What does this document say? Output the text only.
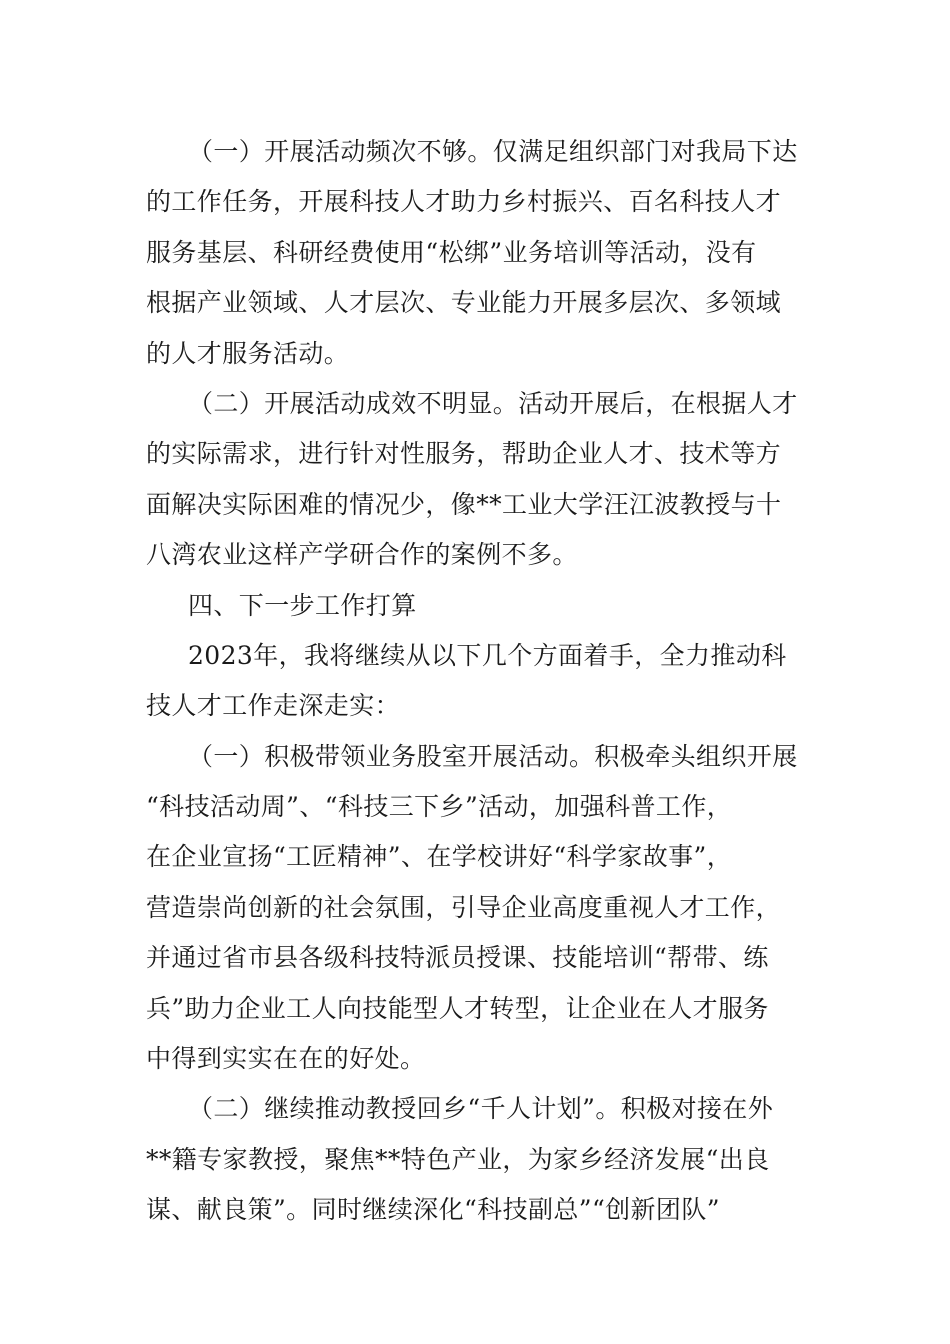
（一）开展活动频次不够。仅满足组织部门对我局下达
的工作任务，开展科技人才助力乡村振兴、百名科技人才
服务基层、科研经费使用“松绑”业务培训等活动，没有
根据产业领域、人才层次、专业能力开展多层次、多领域
的人才服务活动。
（二）开展活动成效不明显。活动开展后，在根据人才
的实际需求，进行针对性服务，帮助企业人才、技术等方
面解决实际困难的情况少，像**工业大学汪江波教授与十
八湾农业这样产学研合作的案例不多。
四、下一步工作打算
2023年，我将继续从以下几个方面着手，全力推动科
技人才工作走深走实：
（一）积极带领业务股室开展活动。积极牵头组织开展
“科技活动周”、“科技三下乡”活动，加强科普工作，
在企业宣扬“工匠精神”、在学校讲好“科学家故事”，
营造崇尚创新的社会氛围，引导企业高度重视人才工作，
并通过省市县各级科技特派员授课、技能培训“帮带、练
兵”助力企业工人向技能型人才转型，让企业在人才服务
中得到实实在在的好处。
（二）继续推动教授回乡“千人计划”。积极对接在外
**籍专家教授，聚焦**特色产业，为家乡经济发展“出良
谋、献良策”。同时继续深化“科技副总”“创新团队”
